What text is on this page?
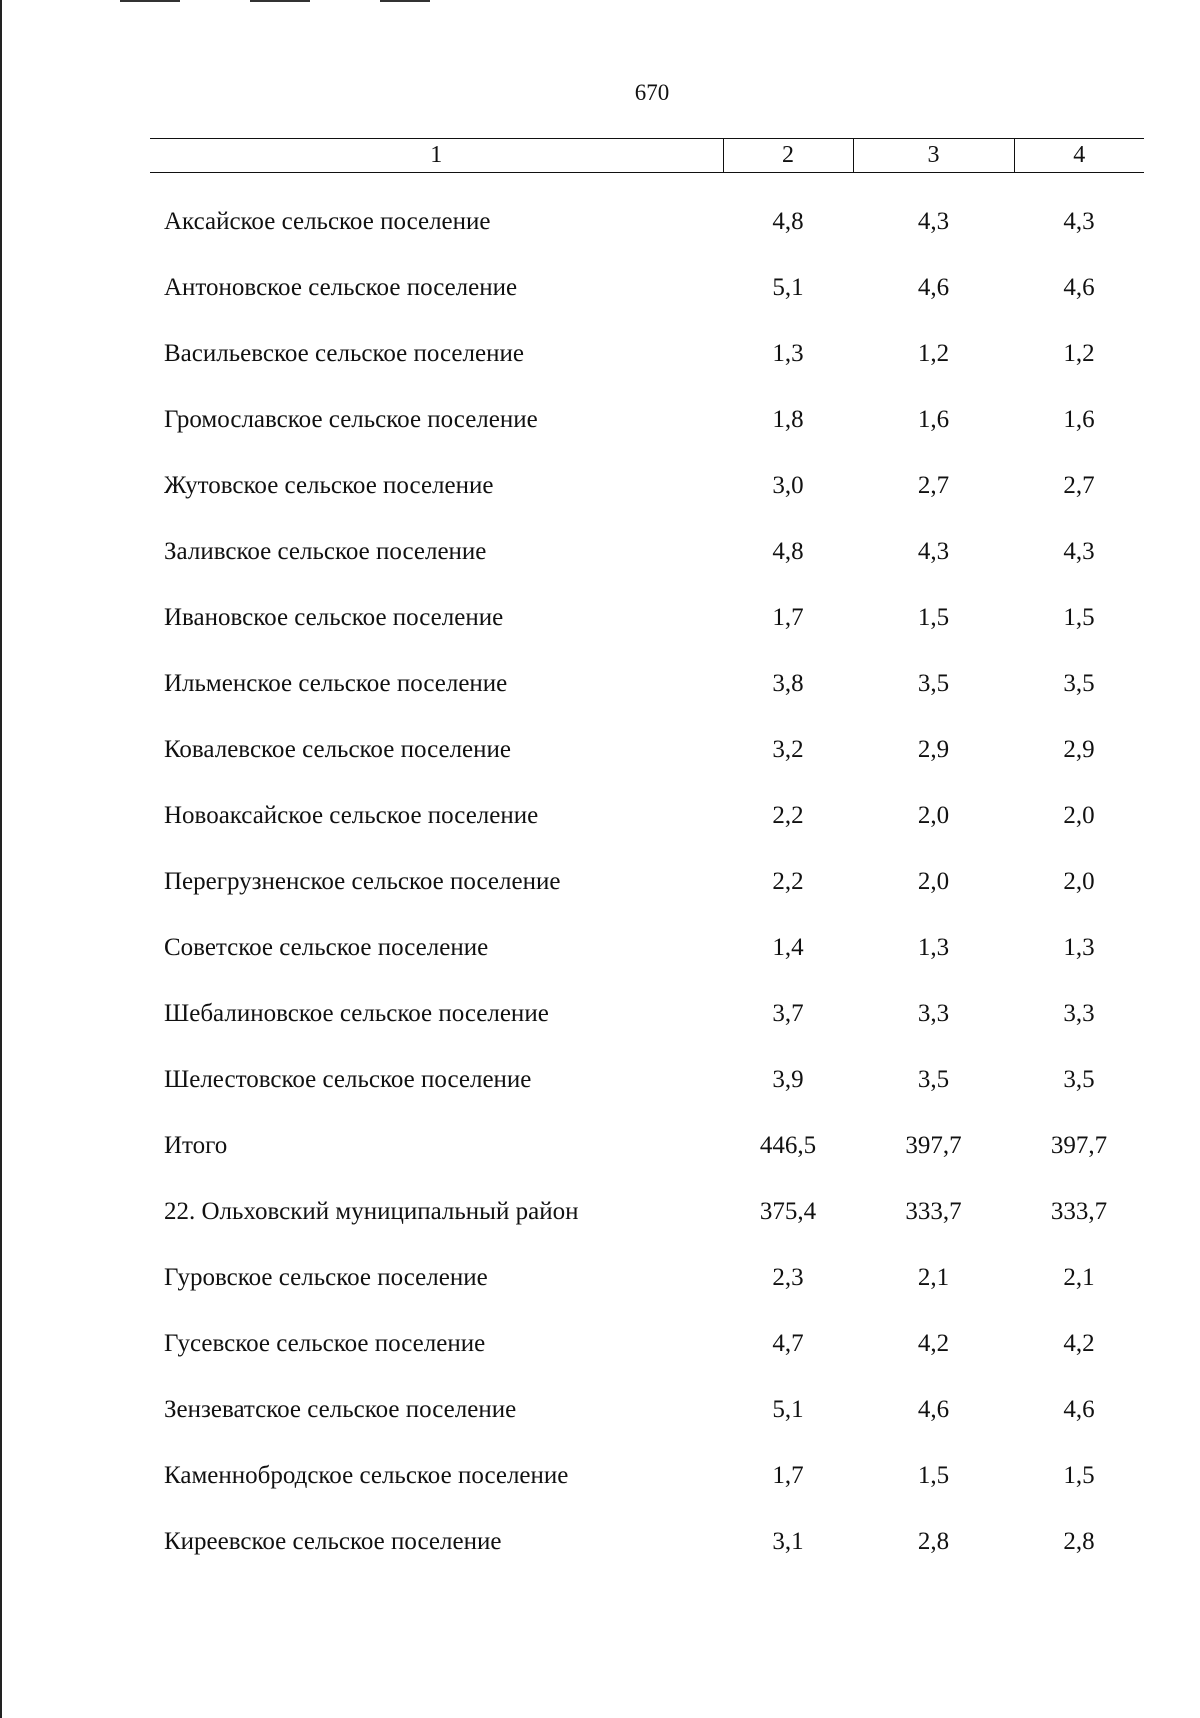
670
1	2	3	4
Аксайское сельское поселение	4,8	4,3	4,3
Антоновское сельское поселение	5,1	4,6	4,6
Васильевское сельское поселение	1,3	1,2	1,2
Громославское сельское поселение	1,8	1,6	1,6
Жутовское сельское поселение	3,0	2,7	2,7
Заливское сельское поселение	4,8	4,3	4,3
Ивановское сельское поселение	1,7	1,5	1,5
Ильменское сельское поселение	3,8	3,5	3,5
Ковалевское сельское поселение	3,2	2,9	2,9
Новоаксайское сельское поселение	2,2	2,0	2,0
Перегрузненское сельское поселение	2,2	2,0	2,0
Советское сельское поселение	1,4	1,3	1,3
Шебалиновское сельское поселение	3,7	3,3	3,3
Шелестовское сельское поселение	3,9	3,5	3,5
Итого	446,5	397,7	397,7
22. Ольховский муниципальный район	375,4	333,7	333,7
Гуровское сельское поселение	2,3	2,1	2,1
Гусевское сельское поселение	4,7	4,2	4,2
Зензеватское сельское поселение	5,1	4,6	4,6
Каменнобродское сельское поселение	1,7	1,5	1,5
Киреевское сельское поселение	3,1	2,8	2,8
